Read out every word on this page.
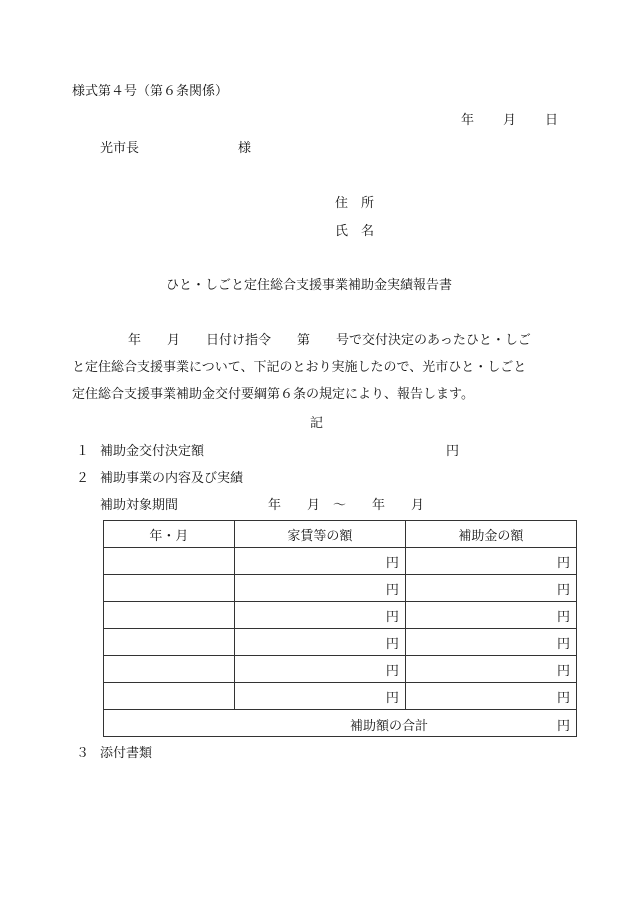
様式第４号（第６条関係）
年 月 日
光市長	様
住　所
氏　名
ひと・しごと定住総合支援事業補助金実績報告書
年　　月　　日付け指令　　第　　号で交付決定のあったひと・しご
と定住総合支援事業について、下記のとおり実施したので、光市ひと・しごと
定住総合支援事業補助金交付要綱第６条の規定により、報告します。
記
１ 補助金交付決定額	円
２ 補助事業の内容及び実績
補助対象期間	年　　月　～　　年　　月
年・月	家賃等の額	補助金の額
	円	円
	円	円
	円	円
	円	円
	円	円
	円	円

補助額の合計 円		
３ 添付書類
